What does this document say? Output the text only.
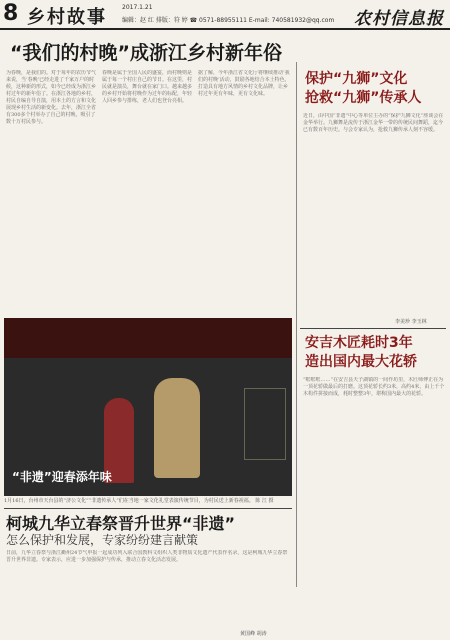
8 乡村故事	2017.1.21
编辑：赵 红 排版：符 婷 ☎ 0571-88955111 E-mail: 740581932@qq.com 农村信息报
“我们的村晚”成浙江乡村新年俗
为春晚，是我们的。对于每年的农历节气来说，当‘春晚’已经走进了千家万户的时候，这种新的形式，如今已经成为浙江乡村过年的新年俗了。在浙江各地的乡村，村民自编自导自演，用本土的方言和文化展现乡村生活的新变化。去年，浙江全省有300多个村举办了自己的村晚，吸引了数十万村民参与。
春晚是属于全国人民的盛宴，而村晚则是属于每一个村庄自己的节日。在这里，村民就是演员，舞台就在家门口。越来越多的乡村开始将村晚作为过年的标配，年轻人回乡参与排练，老人们也登台亮相。
据了解，今年浙江省文化厅将继续推动‘我们的村晚’活动，鼓励各地结合本土特色，打造具有地方风情的乡村文化品牌，让乡村过年更有年味，更有文化味。
“非遗”迎春添年味
1月16日，台州市天台县的“济公文化”“非遗传承人”们在当地一家文化礼堂表演传统节目，为村民送上新春祝福。 陈 江 摄
柯城九华立春祭晋升世界“非遗”
怎么保护和发展，专家纷纷建言献策
日前，九华立春祭与浙江衢州24节气申报一起成功列入联合国教科文组织人类非物质文化遗产代表作名录，这是柯城九华立春祭晋升世界非遗。专家表示，应进一步加强保护与传承，推动立春文化活态发展。
黄国峰 胡涛
保护“九狮”文化
抢救“九狮”传承人
近日，由中国“非遗”中心等单位主办的“保护九狮文化”座谈会在金华举行。九狮舞是流传于浙江金华一带的传统民间舞蹈，迄今已有数百年历史。与会专家认为，抢救九狮传承人刻不容缓。
李美珍 李玉林
安吉木匠耗时3年
造出国内最大花轿
“哐哐哐……”在安吉县天子湖镇的一间作坊里，木匠师傅正在为一顶花轿做最后的打磨。这顶花轿长约3米，高约4米，由上千个木构件拼接而成，耗时整整3年，堪称国内最大的花轿。
